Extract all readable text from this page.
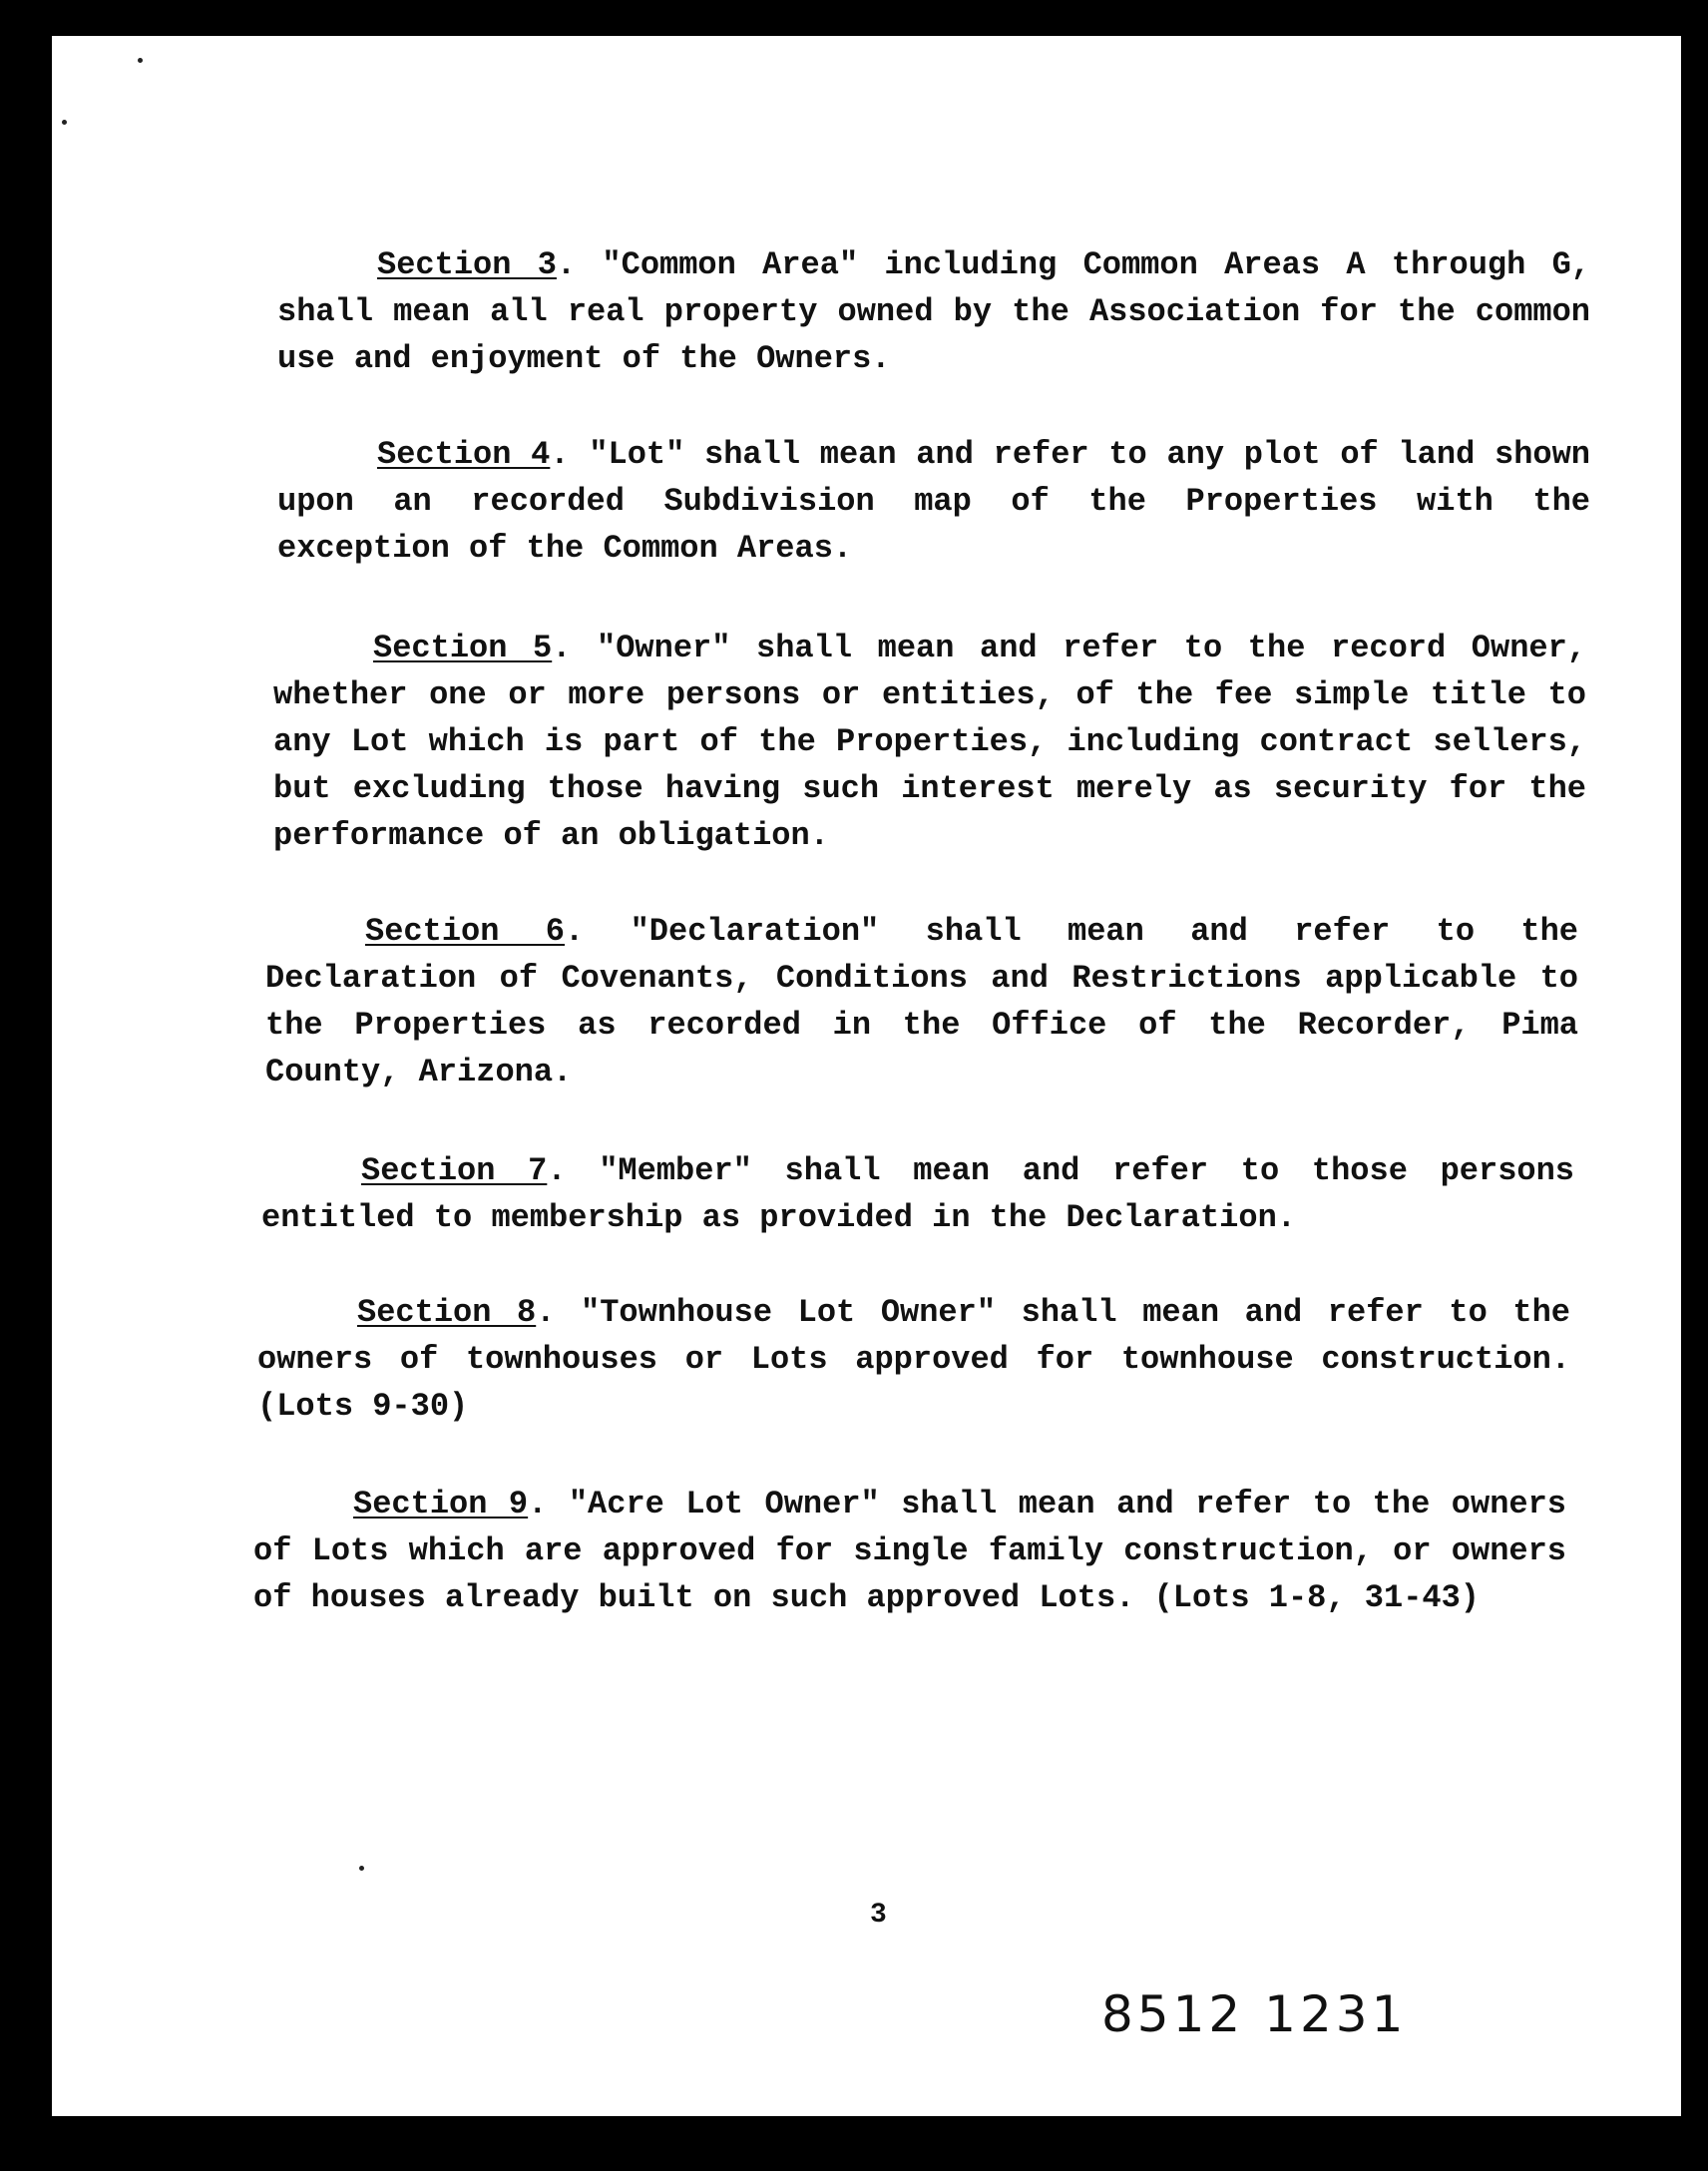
Section 3. "Common Area" including Common Areas A through G, shall mean all real property owned by the Association for the common use and enjoyment of the Owners.

Section 4. "Lot" shall mean and refer to any plot of land shown upon an recorded Subdivision map of the Properties with the exception of the Common Areas.

Section 5. "Owner" shall mean and refer to the record Owner, whether one or more persons or entities, of the fee simple title to any Lot which is part of the Properties, including contract sellers, but excluding those having such interest merely as security for the performance of an obligation.

Section 6. "Declaration" shall mean and refer to the Declaration of Covenants, Conditions and Restrictions applicable to the Properties as recorded in the Office of the Recorder, Pima County, Arizona.

Section 7. "Member" shall mean and refer to those persons entitled to membership as provided in the Declaration.

Section 8. "Townhouse Lot Owner" shall mean and refer to the owners of townhouses or Lots approved for townhouse construction. (Lots 9-30)

Section 9. "Acre Lot Owner" shall mean and refer to the owners of Lots which are approved for single family construction, or owners of houses already built on such approved Lots. (Lots 1-8, 31-43)

3
8512 1231
